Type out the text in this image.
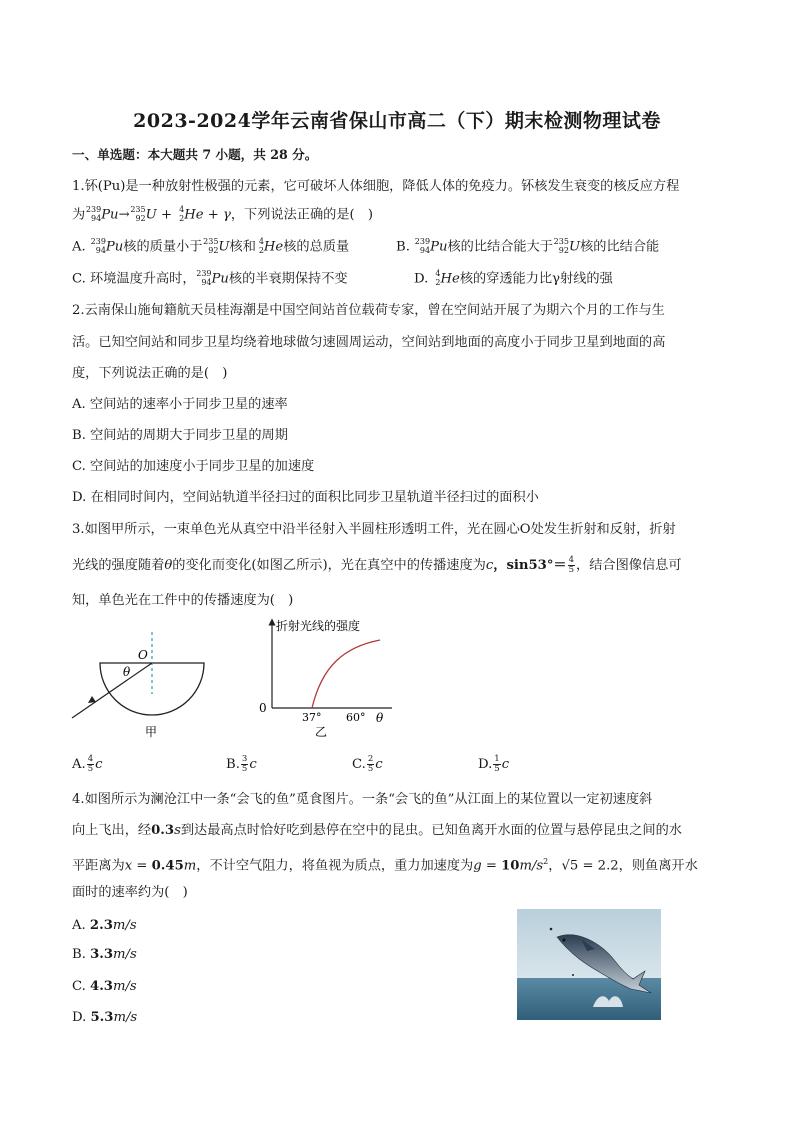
2023-2024学年云南省保山市高二（下）期末检测物理试卷
一、单选题：本大题共 7 小题，共 28 分。
1.钚(Pu)是一种放射性极强的元素，它可破坏人体细胞，降低人体的免疫力。钚核发生衰变的核反应方程
为 239
94 Pu→ 235
92 U + 4
2 He + γ，下列说法正确的是(　)
A. 239
94 Pu核的质量小于 235
92 U核和 4
2 He核的总质量	B. 239
94 Pu核的比结合能大于 235
92 U核的比结合能
C. 环境温度升高时， 239
94 Pu核的半衰期保持不变	D. 4
2 He核的穿透能力比γ射线的强
2.云南保山施甸籍航天员桂海潮是中国空间站首位载荷专家，曾在空间站开展了为期六个月的工作与生
活。已知空间站和同步卫星均绕着地球做匀速圆周运动，空间站到地面的高度小于同步卫星到地面的高
度，下列说法正确的是(　)
A. 空间站的速率小于同步卫星的速率
B. 空间站的周期大于同步卫星的周期
C. 空间站的加速度小于同步卫星的加速度
D. 在相同时间内，空间站轨道半径扫过的面积比同步卫星轨道半径扫过的面积小
3.如图甲所示，一束单色光从真空中沿半径射入半圆柱形透明工件，光在圆心O处发生折射和反射，折射
光线的强度随着θ的变化而变化(如图乙所示)，光在真空中的传播速度为c，$\sin 53^\circ= \frac{4}{5}$ ，结合图像信息可
知，单色光在工件中的传播速度为(　)
O
θ
甲
折射光线的强度
0
37° 60° θ
乙
A. $\frac{4}{5}$ c	B. $\frac{3}{5}$ c	C. $\frac{2}{5}$ c	D. $\frac{1}{5}$ c
4.如图所示为澜沧江中一条“会飞的鱼”觅食图片。一条“会飞的鱼”从江面上的某位置以一定初速度斜
向上飞出，经0.3s到达最高点时恰好吃到悬停在空中的昆虫。已知鱼离开水面的位置与悬停昆虫之间的水
平距离为x = 0.45m，不计空气阻力，将鱼视为质点，重力加速度为$g = 10m/s^2$，√5 = 2.2，则鱼离开水
面时的速率约为(　)
A. 2.3m/s
B. 3.3m/s
C. 4.3m/s
D. 5.3m/s
